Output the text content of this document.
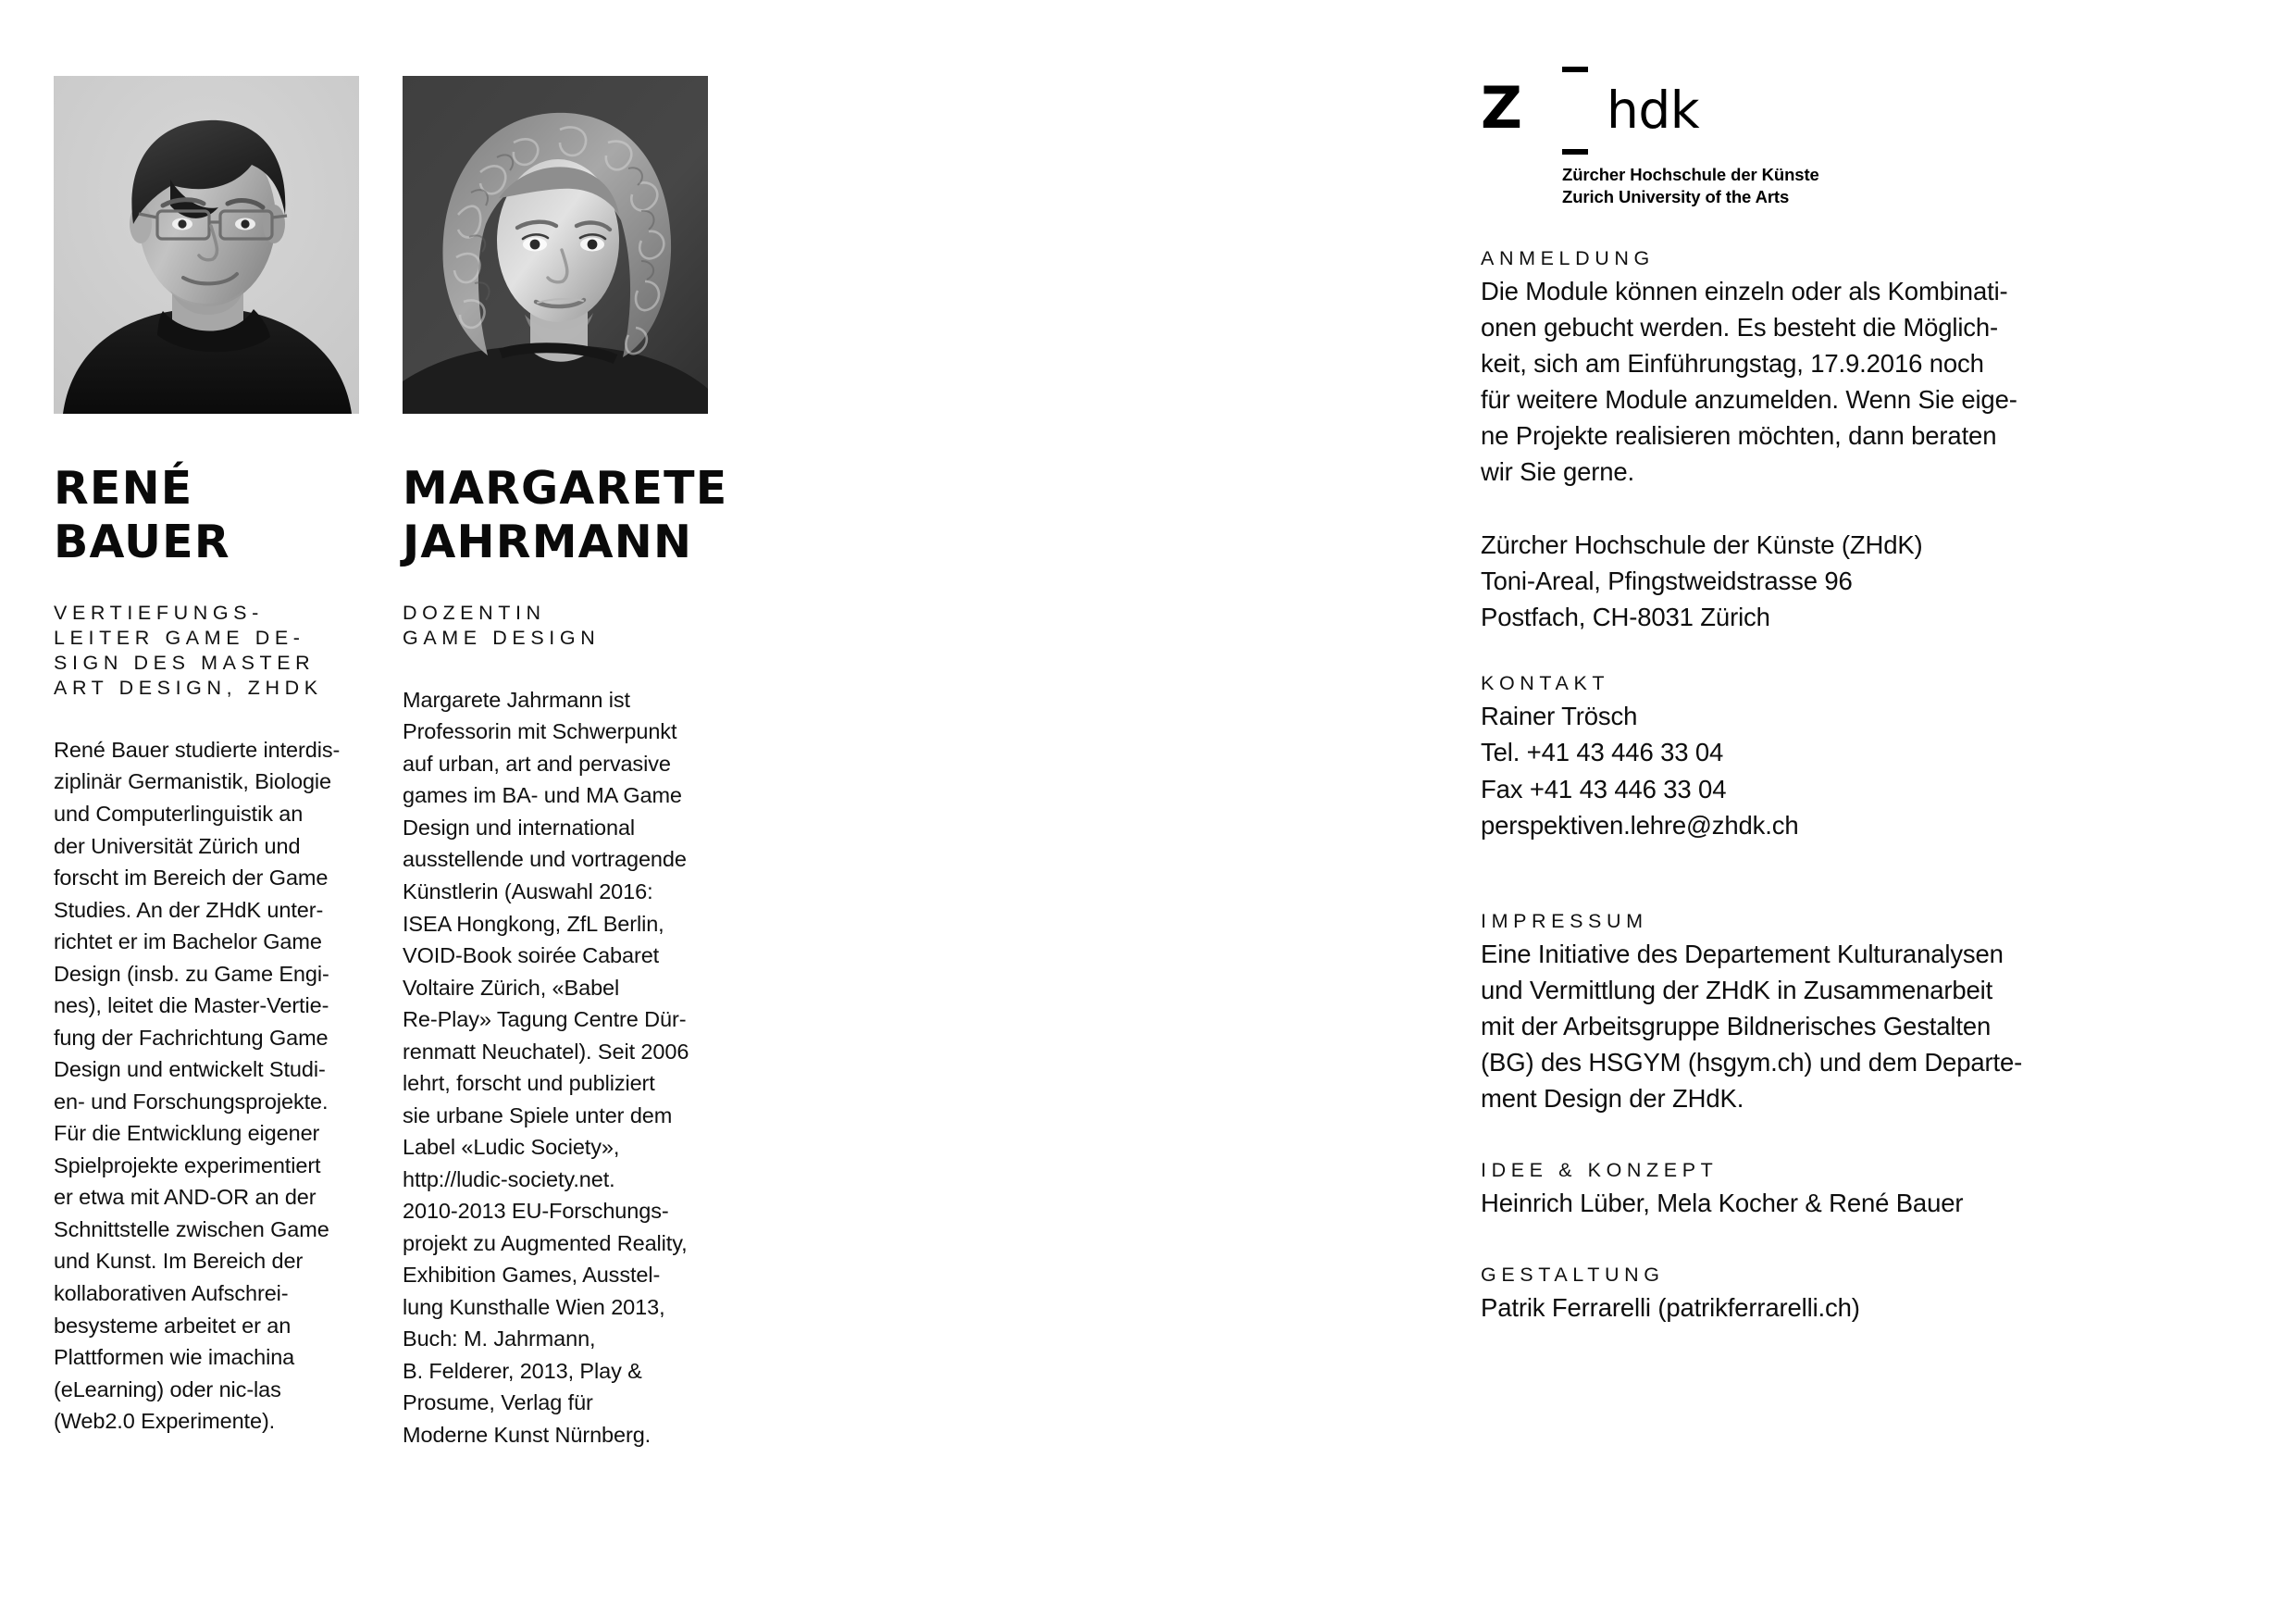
RENÉ
BAUER
VERTIEFUNGS-
LEITER GAME DE-
SIGN DES MASTER
ART DESIGN, ZHDK
René Bauer studierte interdis-
ziplinär Germanistik, Biologie
und Computerlinguistik an
der Universität Zürich und
forscht im Bereich der Game
Studies. An der ZHdK unter-
richtet er im Bachelor Game
Design (insb. zu Game Engi-
nes), leitet die Master-Vertie-
fung der Fachrichtung Game
Design und entwickelt Studi-
en- und Forschungsprojekte.
Für die Entwicklung eigener
Spielprojekte experimentiert
er etwa mit AND-OR an der
Schnittstelle zwischen Game
und Kunst. Im Bereich der
kollaborativen Aufschrei-
besysteme arbeitet er an
Plattformen wie imachina
(eLearning) oder nic-las
(Web2.0 Experimente).
MARGARETE
JAHRMANN
DOZENTIN
GAME DESIGN
Margarete Jahrmann ist
Professorin mit Schwerpunkt
auf urban, art and pervasive
games im BA- und MA Game
Design und international
ausstellende und vortragende
Künstlerin (Auswahl 2016:
ISEA Hongkong, ZfL Berlin,
VOID-Book soirée Cabaret
Voltaire Zürich, «Babel
Re-Play» Tagung Centre Dür-
renmatt Neuchatel). Seit 2006
lehrt, forscht und publiziert
sie urbane Spiele unter dem
Label «Ludic Society»,
http://ludic-society.net.
2010-2013 EU-Forschungs-
projekt zu Augmented Reality,
Exhibition Games, Ausstel-
lung Kunsthalle Wien 2013,
Buch: M. Jahrmann,
B. Felderer, 2013, Play &
Prosume, Verlag für
Moderne Kunst Nürnberg.
Z	hdk
Zürcher Hochschule der Künste
Zurich University of the Arts
ANMELDUNG
Die Module können einzeln oder als Kombinati-
onen gebucht werden. Es besteht die Möglich-
keit, sich am Einführungstag, 17.9.2016 noch
für weitere Module anzumelden. Wenn Sie eige-
ne Projekte realisieren möchten, dann beraten
wir Sie gerne.
Zürcher Hochschule der Künste (ZHdK)
Toni-Areal, Pfingstweidstrasse 96
Postfach, CH-8031 Zürich
KONTAKT
Rainer Trösch
Tel. +41 43 446 33 04
Fax +41 43 446 33 04
perspektiven.lehre@zhdk.ch
IMPRESSUM
Eine Initiative des Departement Kulturanalysen
und Vermittlung der ZHdK in Zusammenarbeit
mit der Arbeitsgruppe Bildnerisches Gestalten
(BG) des HSGYM (hsgym.ch) und dem Departe-
ment Design der ZHdK.
IDEE & KONZEPT
Heinrich Lüber, Mela Kocher & René Bauer
GESTALTUNG
Patrik Ferrarelli (patrikferrarelli.ch)
